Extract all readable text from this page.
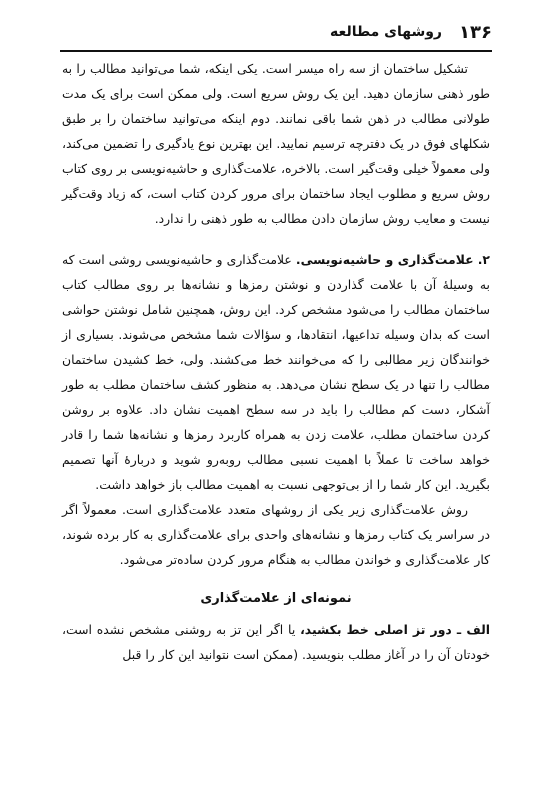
۱۳۶
روشهای مطالعه

تشکیل ساختمان از سه راه میسر است. یکی اینکه، شما می‌توانید مطالب را به طور ذهنی سازمان دهید. این یک روش سریع است. ولی ممکن است برای یک مدت طولانی مطالب در ذهن شما باقی نمانند. دوم اینکه می‌توانید ساختمان را بر طبق شکلهای فوق در یک دفترچه ترسیم نمایید. این بهترین نوع یادگیری را تضمین می‌کند، ولی معمولاً خیلی وقت‌گیر است. بالاخره، علامت‌گذاری و حاشیه‌نویسی بر روی کتاب روش سریع و مطلوب ایجاد ساختمان برای مرور کردن کتاب است، که زیاد وقت‌گیر نیست و معایب روش سازمان دادن مطالب به طور ذهنی را ندارد.

۲. علامت‌گذاری و حاشیه‌نویسی. علامت‌گذاری و حاشیه‌نویسی روشی است که به وسیلهٔ آن با علامت گذاردن و نوشتن رمزها و نشانه‌ها بر روی مطالب کتاب ساختمان مطالب را می‌شود مشخص کرد. این روش، همچنین شامل نوشتن حواشی است که بدان وسیله تداعیها، انتقادها، و سؤالات شما مشخص می‌شوند. بسیاری از خوانندگان زیر مطالبی را که می‌خوانند خط می‌کشند. ولی، خط کشیدن ساختمان مطالب را تنها در یک سطح نشان می‌دهد. به منظور کشف ساختمان مطلب به طور آشکار، دست کم مطالب را باید در سه سطح اهمیت نشان داد. علاوه بر روشن کردن ساختمان مطلب، علامت زدن به همراه کاربرد رمزها و نشانه‌ها شما را قادر خواهد ساخت تا عملاً با اهمیت نسبی مطالب روبه‌رو شوید و دربارهٔ آنها تصمیم بگیرید. این کار شما را از بی‌توجهی نسبت به اهمیت مطالب باز خواهد داشت.

روش علامت‌گذاری زیر یکی از روشهای متعدد علامت‌گذاری است. معمولاً اگر در سراسر یک کتاب رمزها و نشانه‌های واحدی برای علامت‌گذاری به کار برده شوند، کار علامت‌گذاری و خواندن مطالب به هنگام مرور کردن ساده‌تر می‌شود.

نمونه‌ای از علامت‌گذاری

الف ـ دور تز اصلی خط بکشید، یا اگر این تز به روشنی مشخص نشده است، خودتان آن را در آغاز مطلب بنویسید. (ممکن است نتوانید این کار را قبل
